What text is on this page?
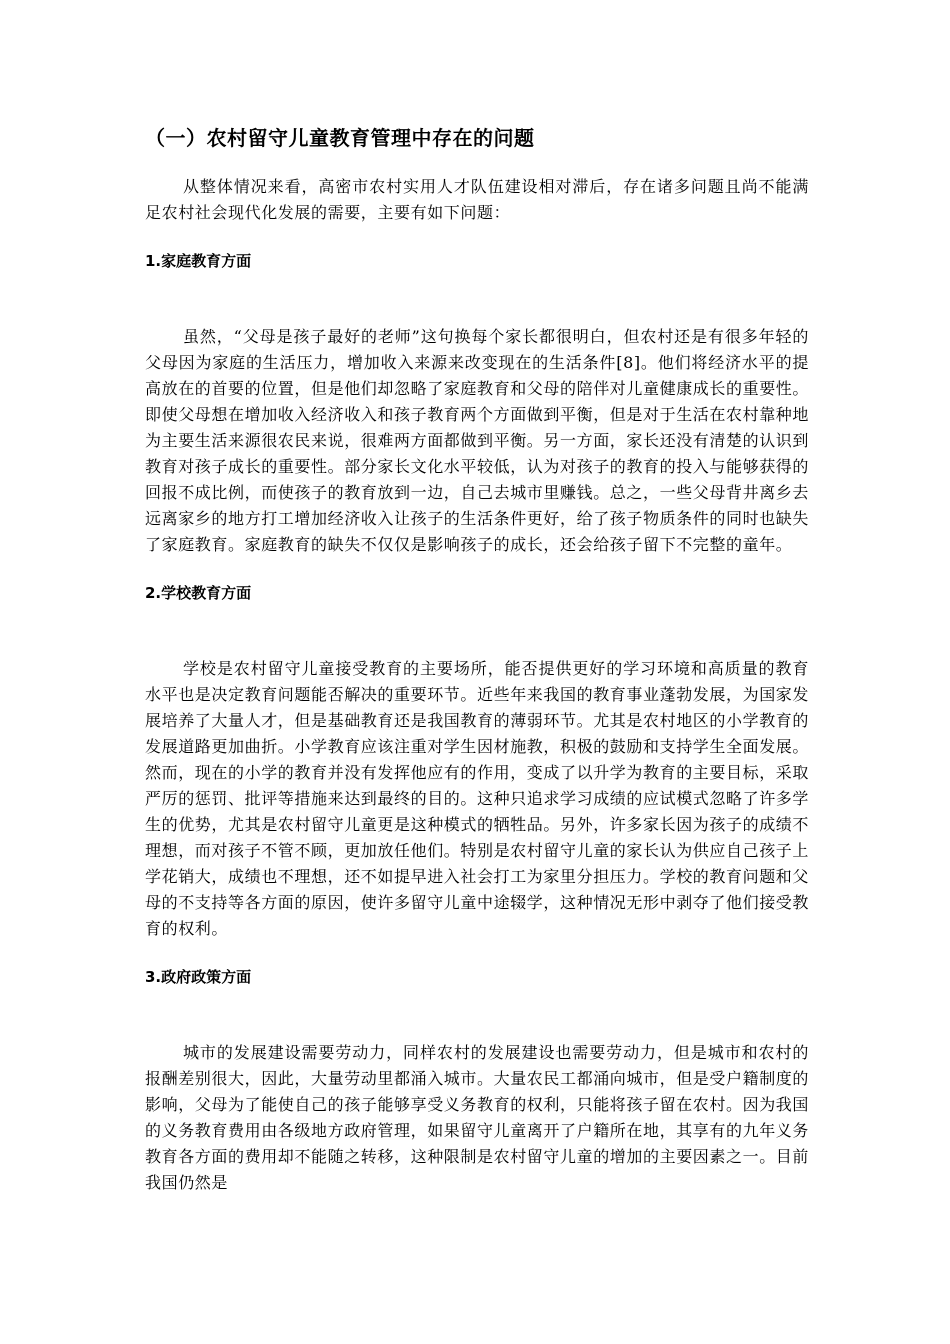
（一）农村留守儿童教育管理中存在的问题

从整体情况来看，高密市农村实用人才队伍建设相对滞后，存在诸多问题且尚不能满足农村社会现代化发展的需要，主要有如下问题：

1.家庭教育方面

虽然，“父母是孩子最好的老师”这句换每个家长都很明白，但农村还是有很多年轻的父母因为家庭的生活压力，增加收入来源来改变现在的生活条件[8]。他们将经济水平的提高放在的首要的位置，但是他们却忽略了家庭教育和父母的陪伴对儿童健康成长的重要性。即使父母想在增加收入经济收入和孩子教育两个方面做到平衡，但是对于生活在农村靠种地为主要生活来源很农民来说，很难两方面都做到平衡。另一方面，家长还没有清楚的认识到教育对孩子成长的重要性。部分家长文化水平较低，认为对孩子的教育的投入与能够获得的回报不成比例，而使孩子的教育放到一边，自己去城市里赚钱。总之，一些父母背井离乡去远离家乡的地方打工增加经济收入让孩子的生活条件更好，给了孩子物质条件的同时也缺失了家庭教育。家庭教育的缺失不仅仅是影响孩子的成长，还会给孩子留下不完整的童年。

2.学校教育方面

学校是农村留守儿童接受教育的主要场所，能否提供更好的学习环境和高质量的教育水平也是决定教育问题能否解决的重要环节。近些年来我国的教育事业蓬勃发展，为国家发展培养了大量人才，但是基础教育还是我国教育的薄弱环节。尤其是农村地区的小学教育的发展道路更加曲折。小学教育应该注重对学生因材施教，积极的鼓励和支持学生全面发展。然而，现在的小学的教育并没有发挥他应有的作用，变成了以升学为教育的主要目标，采取严厉的惩罚、批评等措施来达到最终的目的。这种只追求学习成绩的应试模式忽略了许多学生的优势，尤其是农村留守儿童更是这种模式的牺牲品。另外，许多家长因为孩子的成绩不理想，而对孩子不管不顾，更加放任他们。特别是农村留守儿童的家长认为供应自己孩子上学花销大，成绩也不理想，还不如提早进入社会打工为家里分担压力。学校的教育问题和父母的不支持等各方面的原因，使许多留守儿童中途辍学，这种情况无形中剥夺了他们接受教育的权利。

3.政府政策方面

城市的发展建设需要劳动力，同样农村的发展建设也需要劳动力，但是城市和农村的报酬差别很大，因此，大量劳动里都涌入城市。大量农民工都涌向城市，但是受户籍制度的影响，父母为了能使自己的孩子能够享受义务教育的权利，只能将孩子留在农村。因为我国的义务教育费用由各级地方政府管理，如果留守儿童离开了户籍所在地，其享有的九年义务教育各方面的费用却不能随之转移，这种限制是农村留守儿童的增加的主要因素之一。目前我国仍然是
